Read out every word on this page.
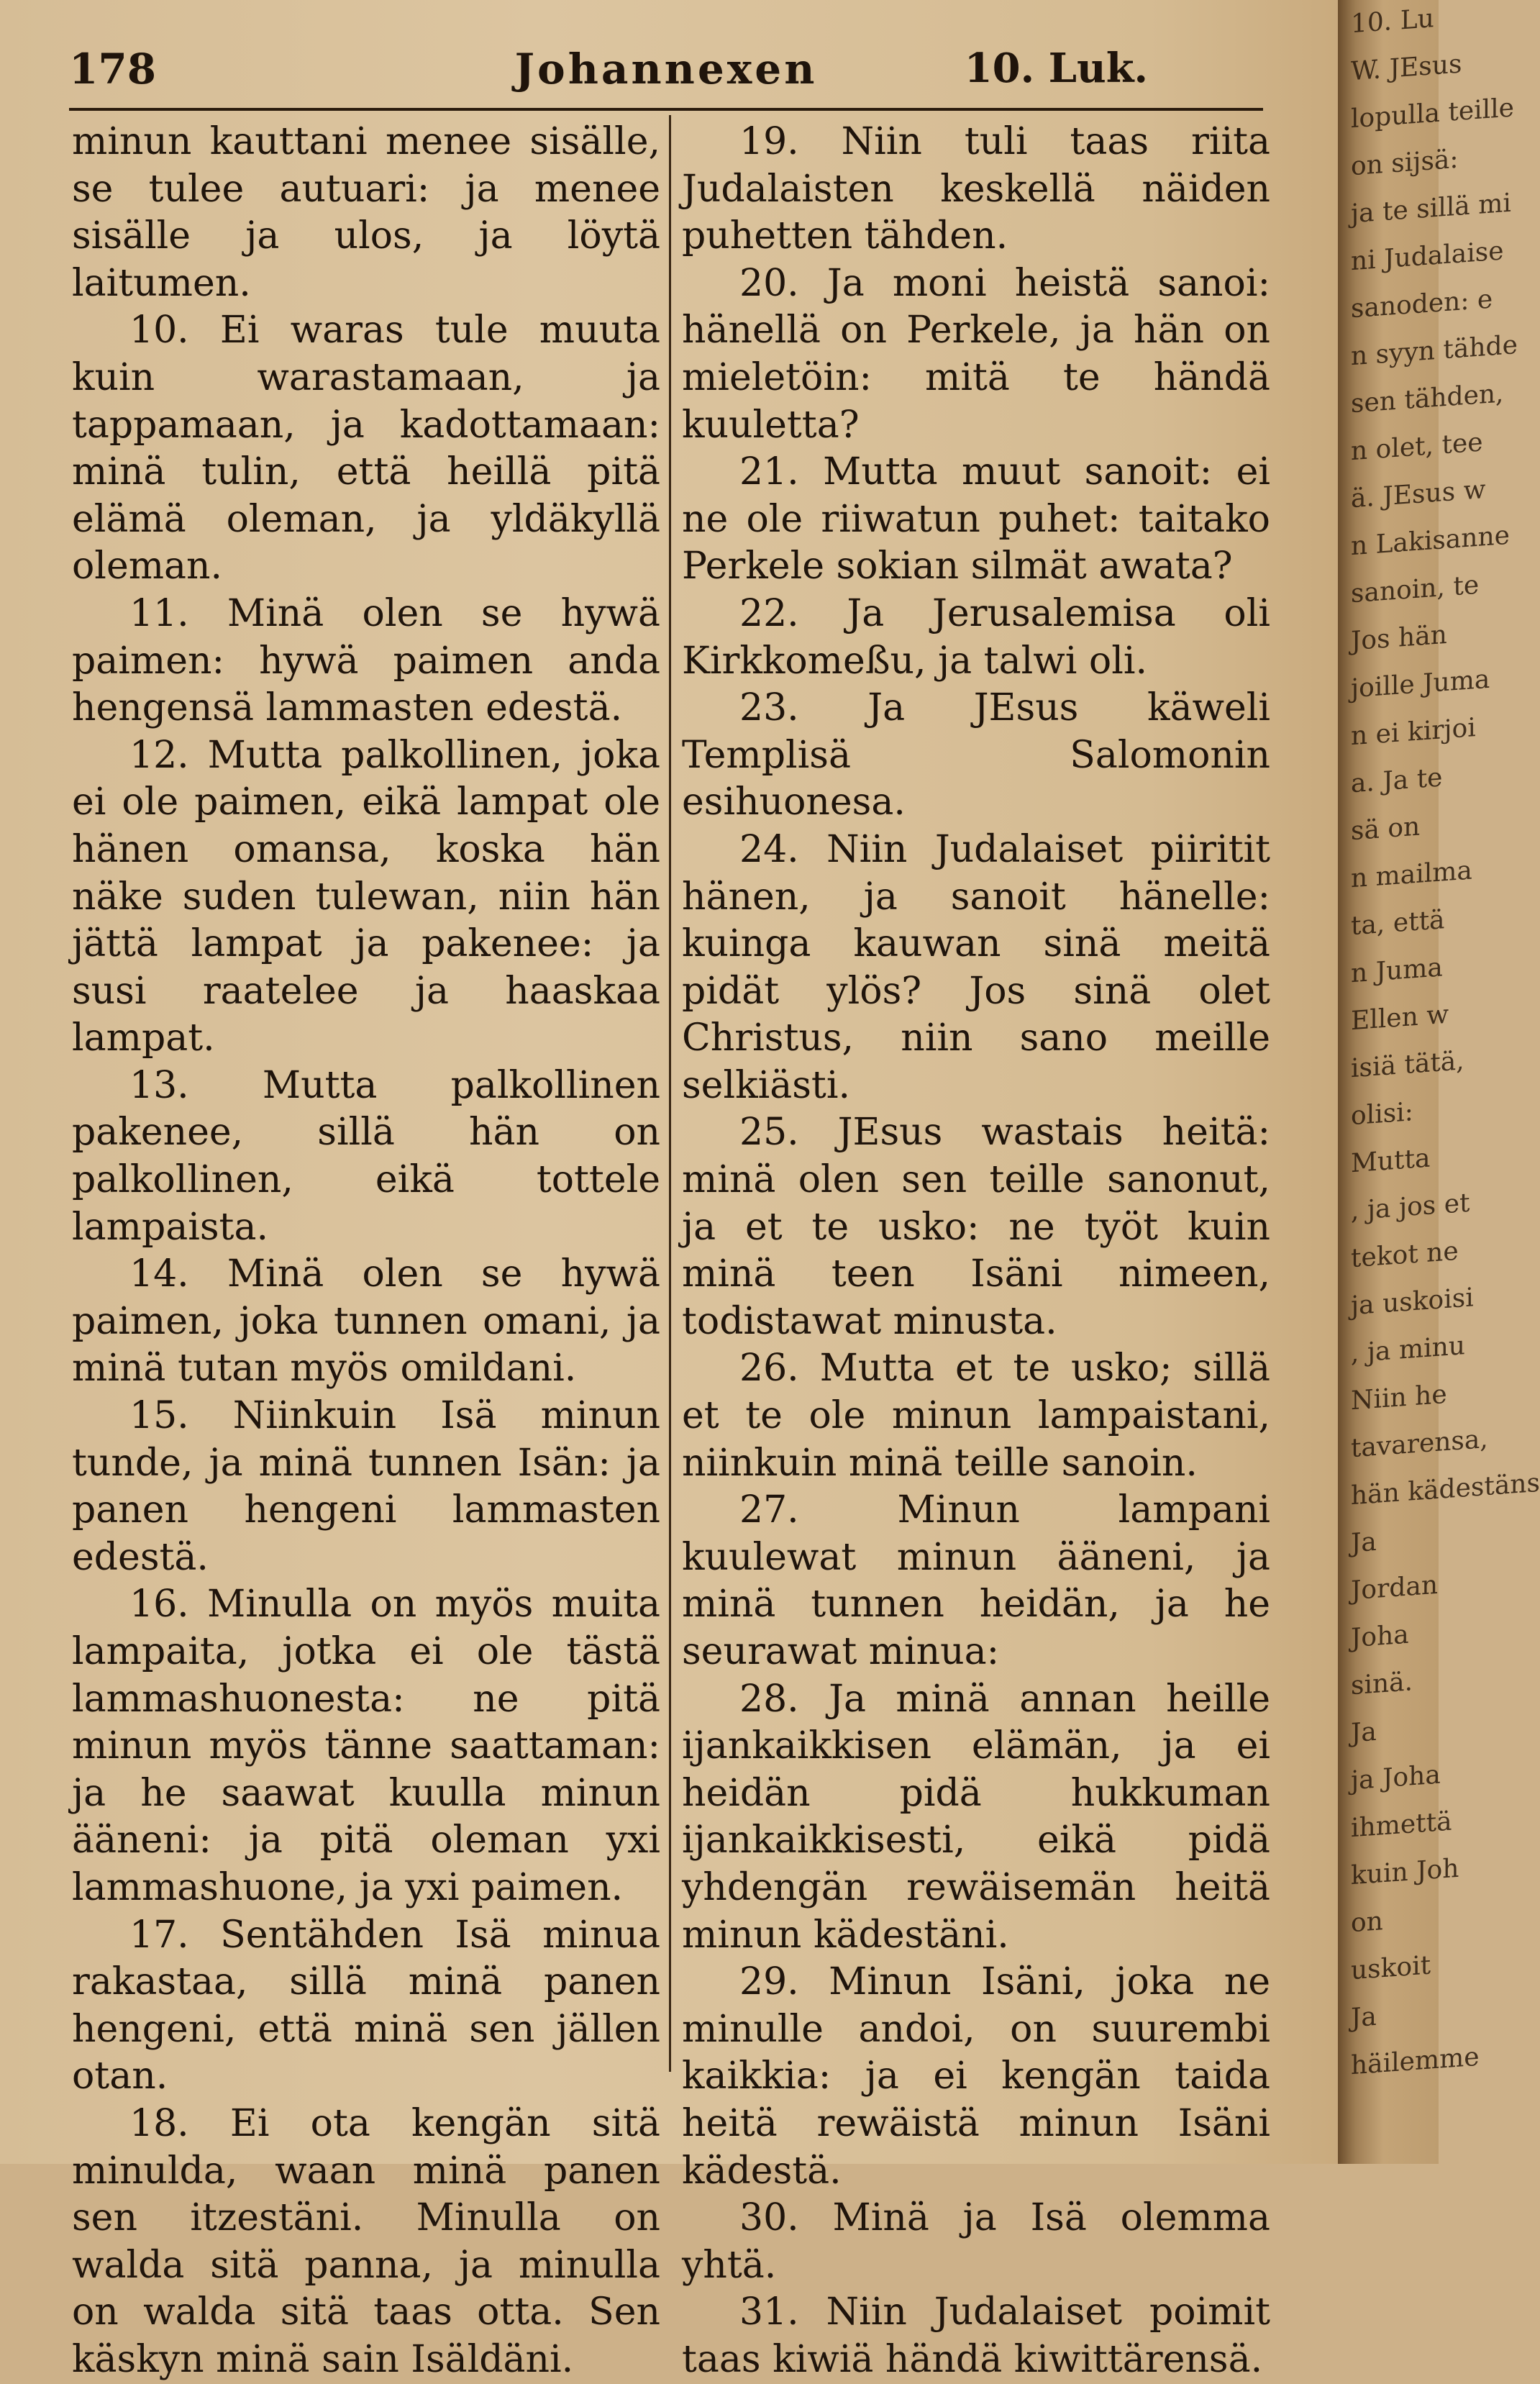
10. Lu
W. JEsus
lopulla teille
on sijsä:
ja te sillä mi
ni Judalaise
sanoden: e
n syyn tähde
sen tähden,
n olet, tee
ä. JEsus w
n Lakisanne
sanoin, te
Jos hän
joille Juma
n ei kirjoi
a. Ja te
sä on
n mailma
ta, että
n Juma
Ellen w
isiä tätä,
olisi:
Mutta
, ja jos et
tekot ne
ja uskoisi
, ja minu
Niin he
tavarensa,
hän kädestäns
Ja
Jordan
Joha
sinä.
Ja
ja Joha
ihmettä
kuin Joh
on
uskoit
Ja
häilemme
178	Johannexen	10. Luk.

minun kauttani menee sisälle, se tulee autuari: ja menee sisälle ja ulos, ja löytä laitumen.

10. Ei waras tule muuta kuin warastamaan, ja tappamaan, ja kadottamaan: minä tulin, että heillä pitä elämä oleman, ja yldäkyllä oleman.

11. Minä olen se hywä paimen: hywä paimen anda hengensä lammasten edestä.

12. Mutta palkollinen, joka ei ole paimen, eikä lampat ole hänen omansa, koska hän näke suden tulewan, niin hän jättä lampat ja pakenee: ja susi raatelee ja haaskaa lampat.

13. Mutta palkollinen pakenee, sillä hän on palkollinen, eikä tottele lampaista.

14. Minä olen se hywä paimen, joka tunnen omani, ja minä tutan myös omildani.

15. Niinkuin Isä minun tunde, ja minä tunnen Isän: ja panen hengeni lammasten edestä.

16. Minulla on myös muita lampaita, jotka ei ole tästä lammashuonesta: ne pitä minun myös tänne saattaman: ja he saawat kuulla minun ääneni: ja pitä oleman yxi lammashuone, ja yxi paimen.

17. Sentähden Isä minua rakastaa, sillä minä panen hengeni, että minä sen jällen otan.

18. Ei ota kengän sitä minulda, waan minä panen sen itzestäni. Minulla on walda sitä panna, ja minulla on walda sitä taas otta. Sen käskyn minä sain Isäldäni.

19. Niin tuli taas riita Judalaisten keskellä näiden puhetten tähden.

20. Ja moni heistä sanoi: hänellä on Perkele, ja hän on mieletöin: mitä te händä kuuletta?

21. Mutta muut sanoit: ei ne ole riiwatun puhet: taitako Perkele sokian silmät awata?

22. Ja Jerusalemisa oli Kirkkomeßu, ja talwi oli.

23. Ja JEsus käweli Templisä Salomonin esihuonesa.

24. Niin Judalaiset piiritit hänen, ja sanoit hänelle: kuinga kauwan sinä meitä pidät ylös? Jos sinä olet Christus, niin sano meille selkiästi.

25. JEsus wastais heitä: minä olen sen teille sanonut, ja et te usko: ne työt kuin minä teen Isäni nimeen, todistawat minusta.

26. Mutta et te usko; sillä et te ole minun lampaistani, niinkuin minä teille sanoin.

27. Minun lampani kuulewat minun ääneni, ja minä tunnen heidän, ja he seurawat minua:

28. Ja minä annan heille ijankaikkisen elämän, ja ei heidän pidä hukkuman ijankaikkisesti, eikä pidä yhdengän rewäisemän heitä minun kädestäni.

29. Minun Isäni, joka ne minulle andoi, on suurembi kaikkia: ja ei kengän taida heitä rewäistä minun Isäni kädestä.

30. Minä ja Isä olemma yhtä.

31. Niin Judalaiset poimit taas kiwiä händä kiwittärensä.
